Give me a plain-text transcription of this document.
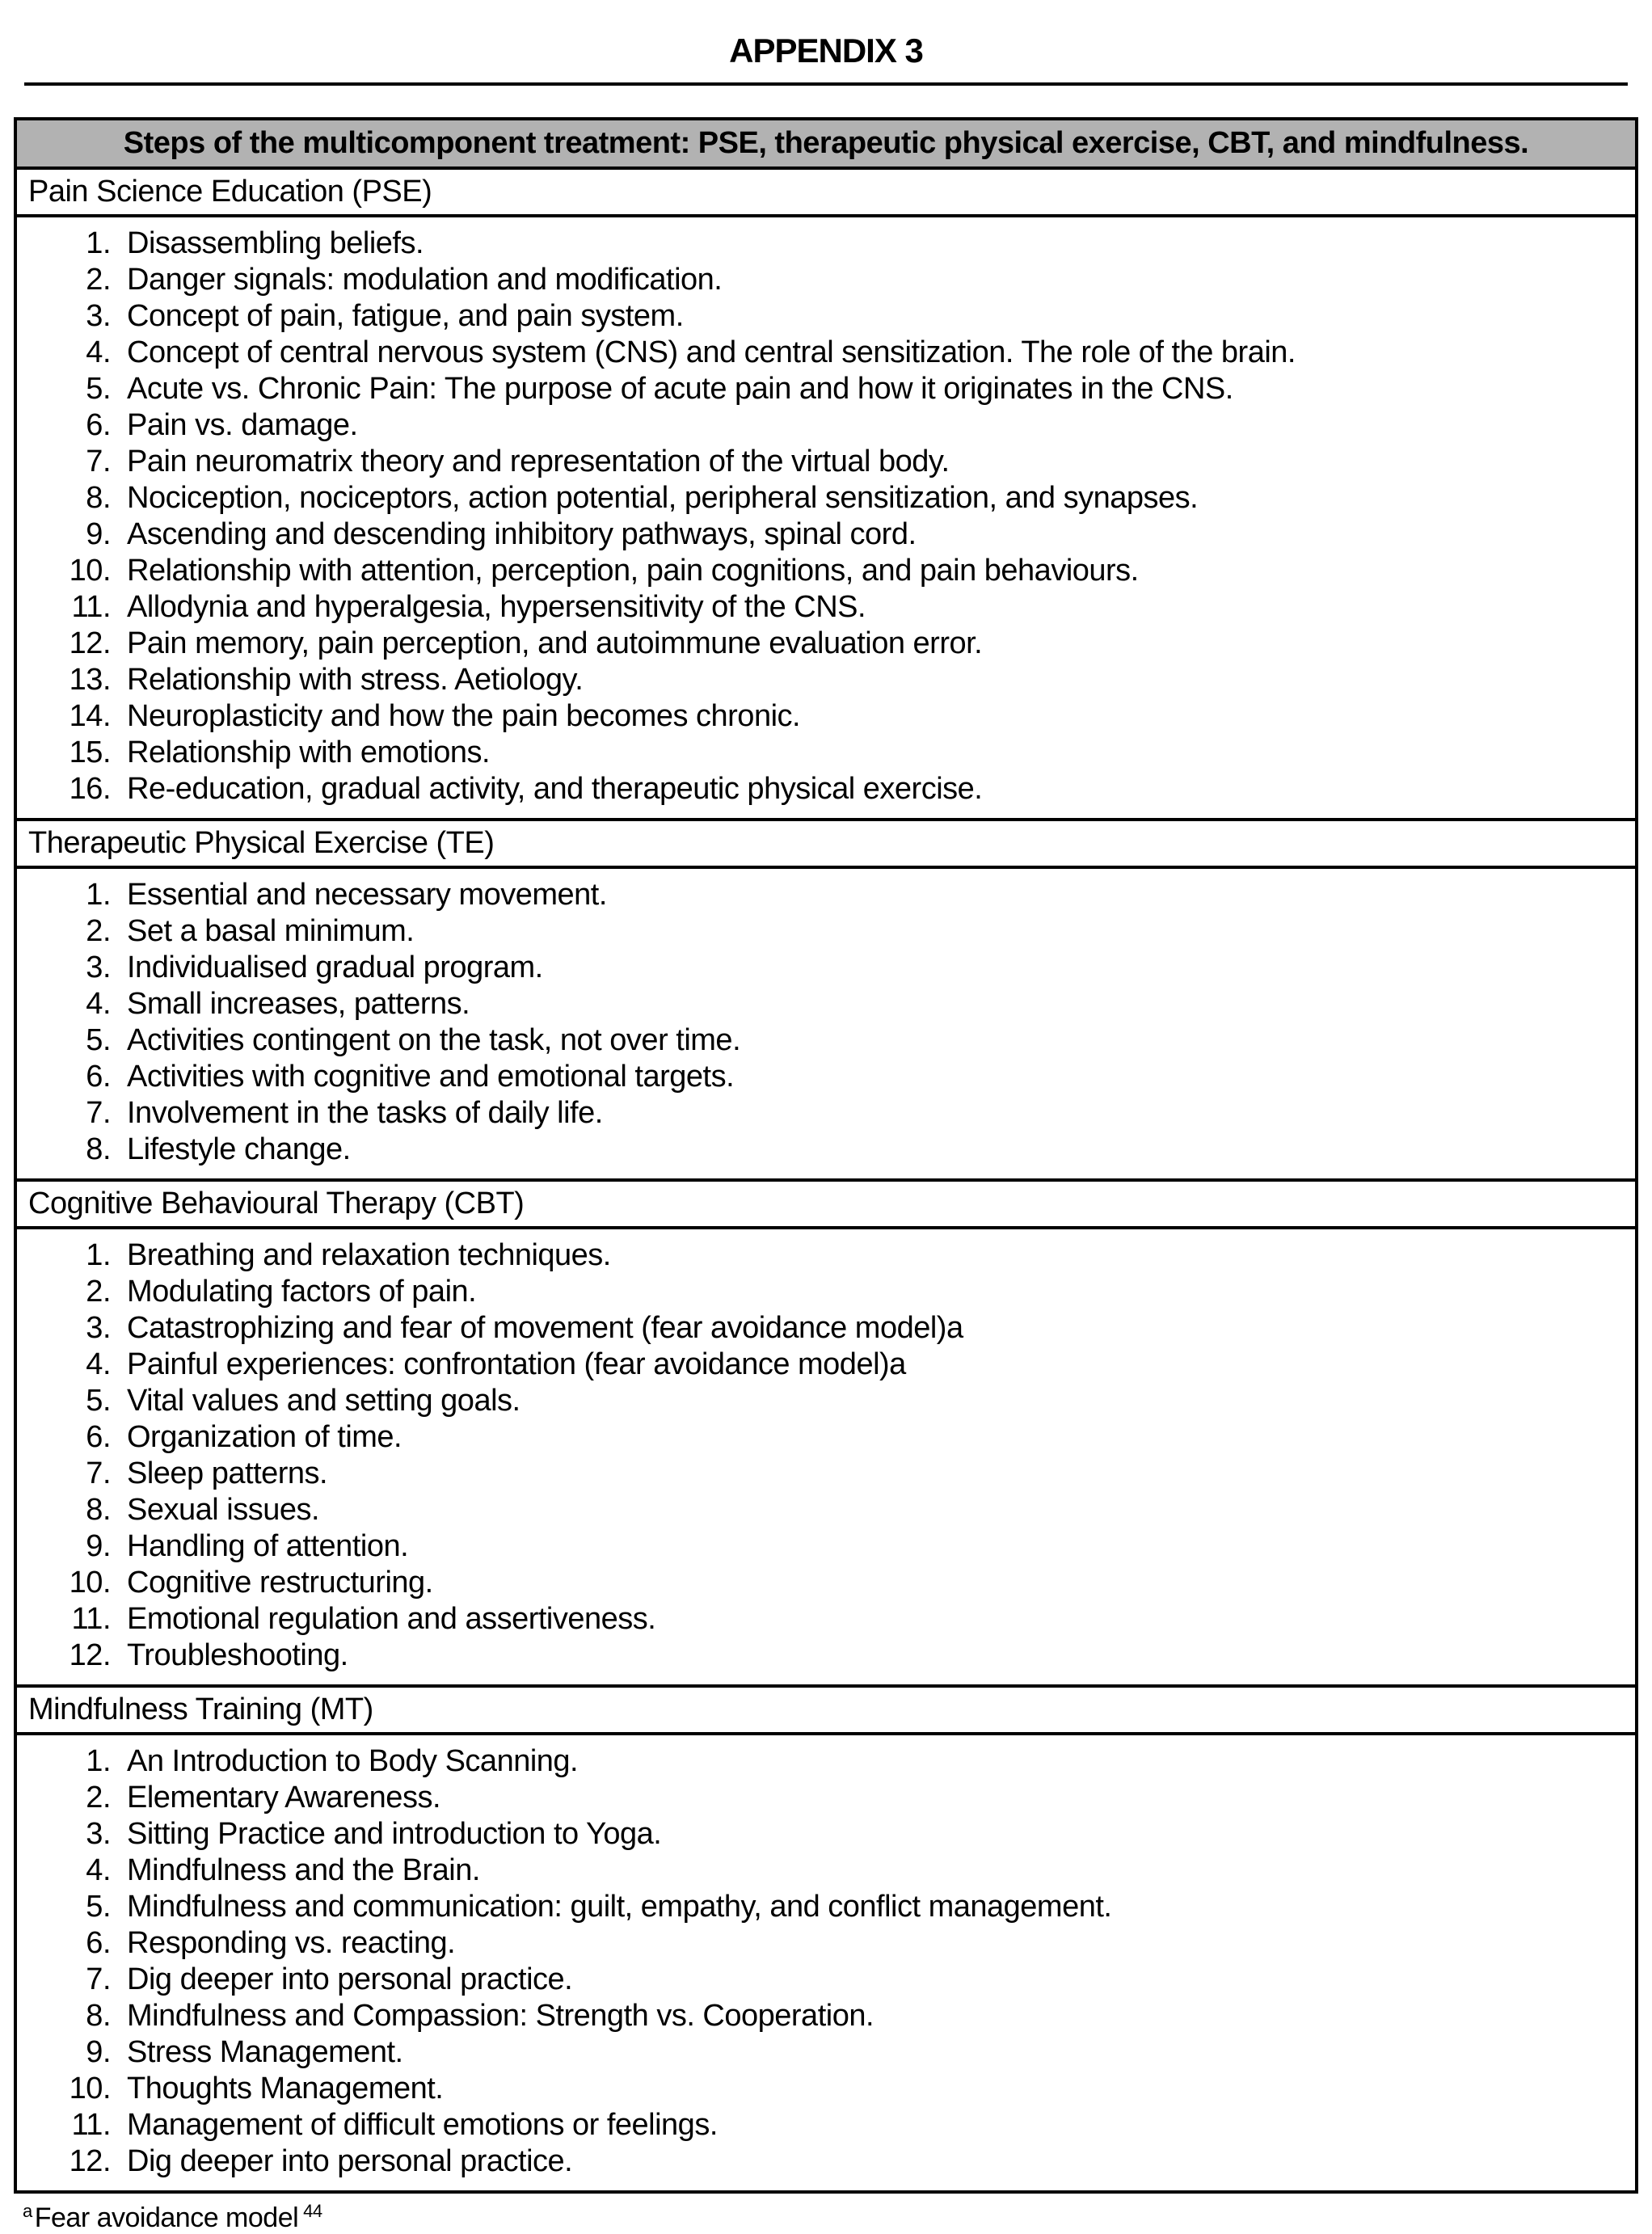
APPENDIX 3
Steps of the multicomponent treatment: PSE, therapeutic physical exercise, CBT, and mindfulness.
Pain Science Education (PSE)
Disassembling beliefs.
Danger signals: modulation and modification.
Concept of pain, fatigue, and pain system.
Concept of central nervous system (CNS) and central sensitization. The role of the brain.
Acute vs. Chronic Pain: The purpose of acute pain and how it originates in the CNS.
Pain vs. damage.
Pain neuromatrix theory and representation of the virtual body.
Nociception, nociceptors, action potential, peripheral sensitization, and synapses.
Ascending and descending inhibitory pathways, spinal cord.
Relationship with attention, perception, pain cognitions, and pain behaviours.
Allodynia and hyperalgesia, hypersensitivity of the CNS.
Pain memory, pain perception, and autoimmune evaluation error.
Relationship with stress. Aetiology.
Neuroplasticity and how the pain becomes chronic.
Relationship with emotions.
Re-education, gradual activity, and therapeutic physical exercise.
Therapeutic Physical Exercise (TE)
Essential and necessary movement.
Set a basal minimum.
Individualised gradual program.
Small increases, patterns.
Activities contingent on the task, not over time.
Activities with cognitive and emotional targets.
Involvement in the tasks of daily life.
Lifestyle change.
Cognitive Behavioural Therapy (CBT)
Breathing and relaxation techniques.
Modulating factors of pain.
Catastrophizing and fear of movement (fear avoidance model)a
Painful experiences: confrontation (fear avoidance model)a
Vital values and setting goals.
Organization of time.
Sleep patterns.
Sexual issues.
Handling of attention.
Cognitive restructuring.
Emotional regulation and assertiveness.
Troubleshooting.
Mindfulness Training (MT)
An Introduction to Body Scanning.
Elementary Awareness.
Sitting Practice and introduction to Yoga.
Mindfulness and the Brain.
Mindfulness and communication: guilt, empathy, and conflict management.
Responding vs. reacting.
Dig deeper into personal practice.
Mindfulness and Compassion: Strength vs. Cooperation.
Stress Management.
Thoughts Management.
Management of difficult emotions or feelings.
Dig deeper into personal practice.
$^a$Fear avoidance model $^{44}$
